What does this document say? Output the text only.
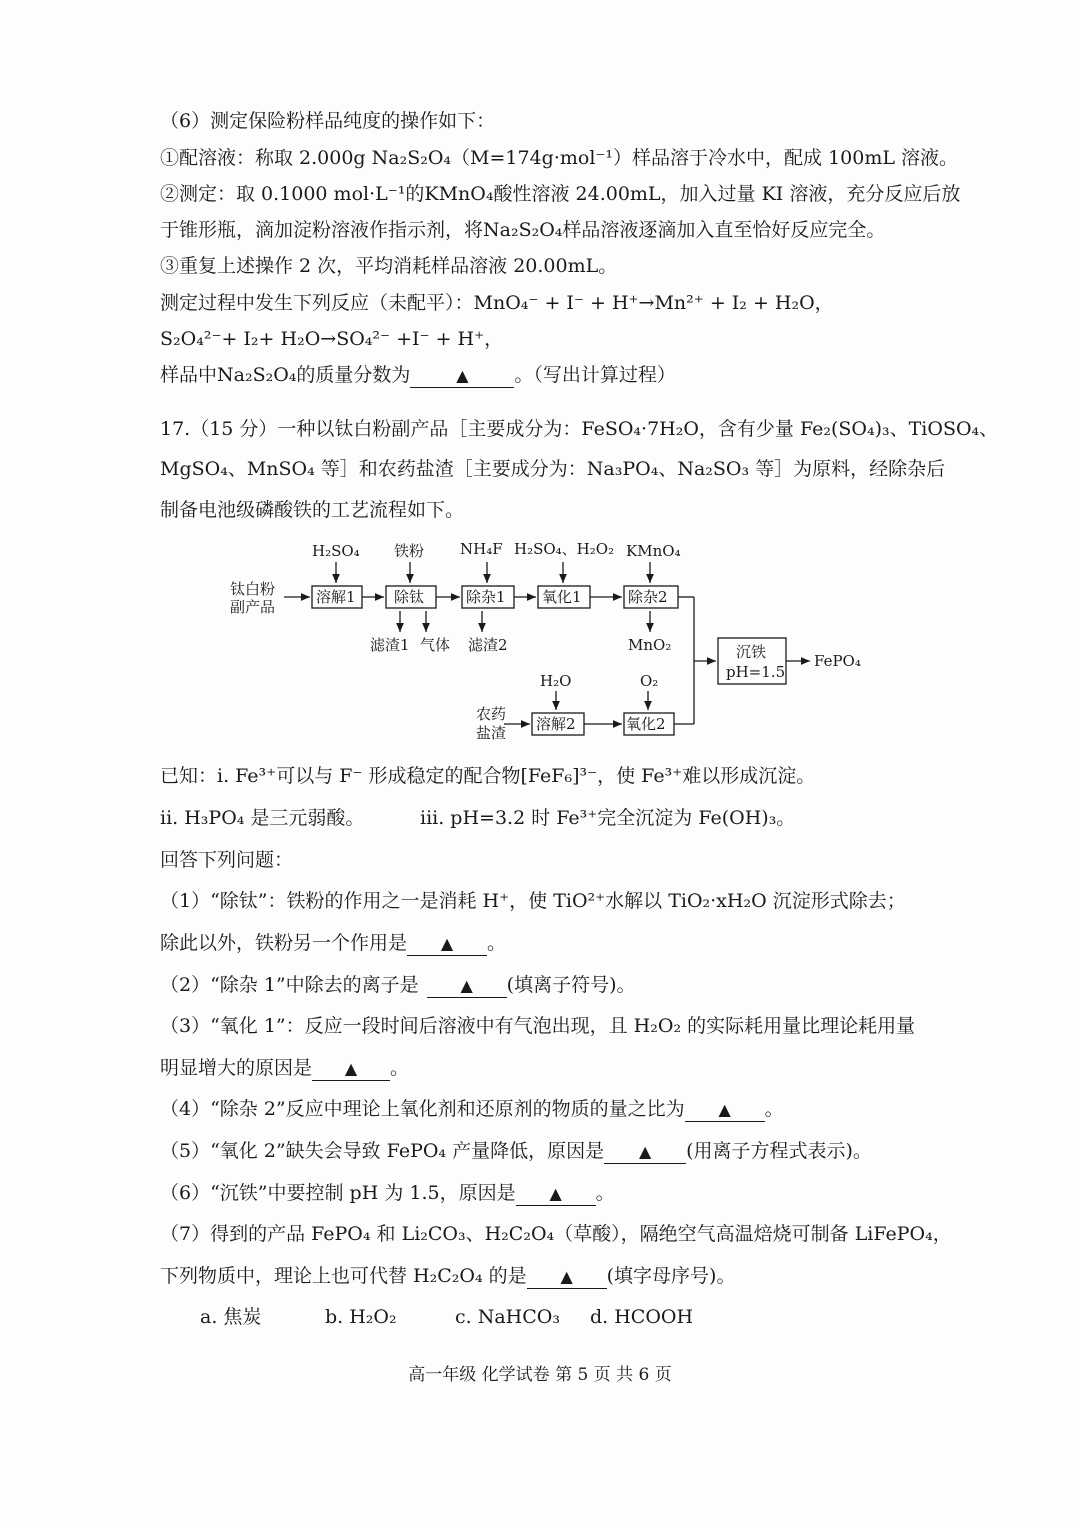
（6）测定保险粉样品纯度的操作如下：
①配溶液：称取 2.000g Na₂S₂O₄（M=174g·mol⁻¹）样品溶于冷水中，配成 100mL 溶液。
②测定：取 0.1000 mol·L⁻¹的KMnO₄酸性溶液 24.00mL，加入过量 KI 溶液，充分反应后放
于锥形瓶，滴加淀粉溶液作指示剂，将Na₂S₂O₄样品溶液逐滴加入直至恰好反应完全。
③重复上述操作 2 次，平均消耗样品溶液 20.00mL。
测定过程中发生下列反应（未配平）：MnO₄⁻ + I⁻ + H⁺→Mn²⁺ + I₂ + H₂O，
S₂O₄²⁻+ I₂+ H₂O→SO₄²⁻ +I⁻ + H⁺，
样品中Na₂S₂O₄的质量分数为	▲ 。（写出计算过程）
17.（15 分）一种以钛白粉副产品［主要成分为：FeSO₄·7H₂O，含有少量 Fe₂(SO₄)₃、TiOSO₄、
MgSO₄、MnSO₄ 等］和农药盐渣［主要成分为：Na₃PO₄、Na₂SO₃ 等］为原料，经除杂后
制备电池级磷酸铁的工艺流程如下。
钛白粉
副产品
农药
盐渣
溶解1	除钛	除杂1 氧化1	除杂2
溶解2	氧化2
H₂SO₄ 铁粉 NH₄F H₂SO₄、H₂O₂ KMnO₄
H₂O	O₂
滤渣1 气体 滤渣2	MnO₂	沉铁
pH=1.5
FePO₄
已知：i. Fe³⁺可以与 F⁻ 形成稳定的配合物[FeF₆]³⁻，使 Fe³⁺难以形成沉淀。
ii. H₃PO₄ 是三元弱酸。	iii. pH=3.2 时 Fe³⁺完全沉淀为 Fe(OH)₃。
回答下列问题：
（1）“除钛”：铁粉的作用之一是消耗 H⁺，使 TiO²⁺水解以 TiO₂·xH₂O 沉淀形式除去；
除此以外，铁粉另一个作用是 ▲ 。
（2）“除杂 1”中除去的离子是	▲ (填离子符号)。
（3）“氧化 1”：反应一段时间后溶液中有气泡出现，且 H₂O₂ 的实际耗用量比理论耗用量
明显增大的原因是 ▲ 。
（4）“除杂 2”反应中理论上氧化剂和还原剂的物质的量之比为 ▲ 。
（5）“氧化 2”缺失会导致 FePO₄ 产量降低，原因是 ▲ (用离子方程式表示)。
（6）“沉铁”中要控制 pH 为 1.5，原因是 ▲ 。
（7）得到的产品 FePO₄ 和 Li₂CO₃、H₂C₂O₄（草酸），隔绝空气高温焙烧可制备 LiFePO₄，
下列物质中，理论上也可代替 H₂C₂O₄ 的是 ▲ (填字母序号)。
a. 焦炭	b. H₂O₂	c. NaHCO₃ d. HCOOH
高一年级 化学试卷 第 5 页 共 6 页
